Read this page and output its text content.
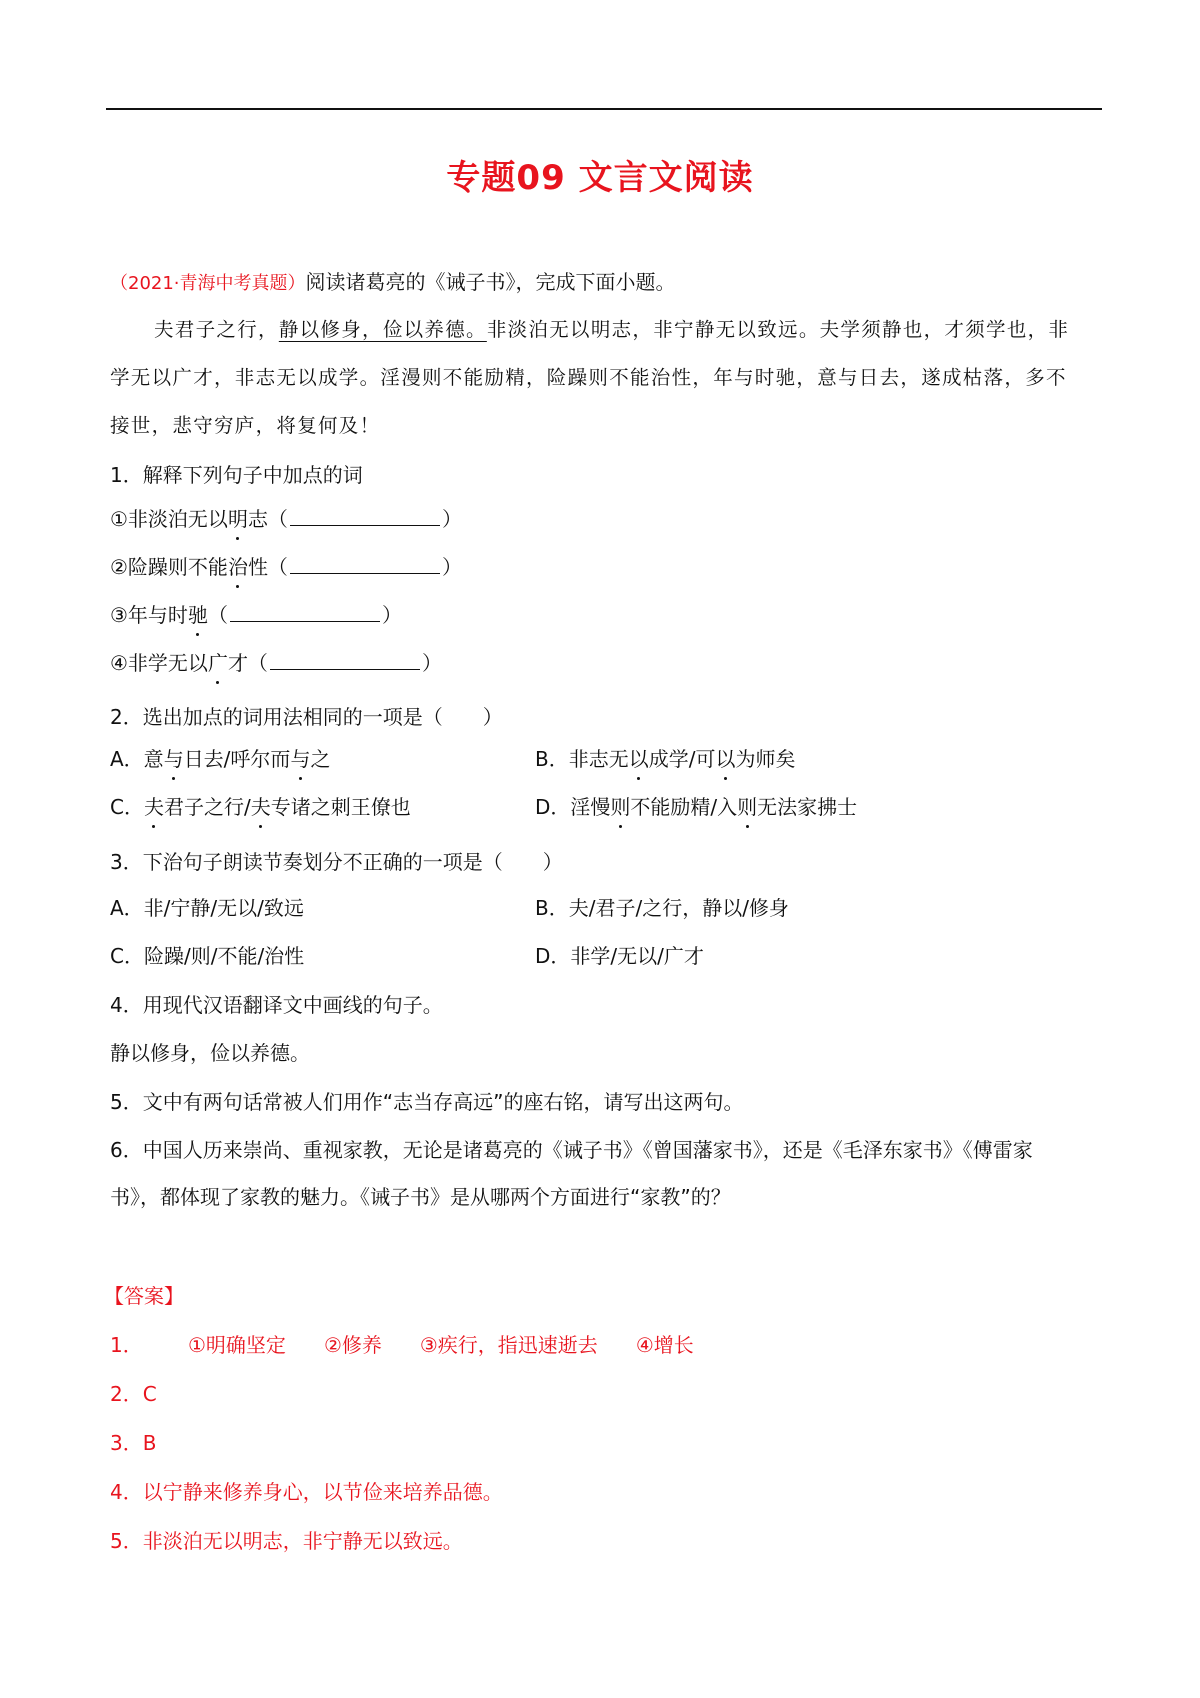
专题09 文言文阅读
（2021·青海中考真题）阅读诸葛亮的《诫子书》，完成下面小题。
夫君子之行，静以修身，俭以养德。非淡泊无以明志，非宁静无以致远。夫学须静也，才须学也，非
学无以广才，非志无以成学。淫漫则不能励精，险躁则不能治性，年与时驰，意与日去，遂成枯落，多不
接世，悲守穷庐，将复何及！
1．解释下列句子中加点的词
①非淡泊无以明志（	）
②险躁则不能治性（	）
③年与时驰（	）
④非学无以广才（	）
2．选出加点的词用法相同的一项是（　　）
A．意与日去/呼尔而与之	B．非志无以成学/可以为师矣
C．夫君子之行/夫专诸之刺王僚也	D．淫慢则不能励精/入则无法家拂士
3．下治句子朗读节奏划分不正确的一项是（　　）
A．非/宁静/无以/致远	B．夫/君子/之行，静以/修身
C．险躁/则/不能/治性	D．非学/无以/广才
4．用现代汉语翻译文中画线的句子。
静以修身，俭以养德。
5．文中有两句话常被人们用作“志当存高远”的座右铭，请写出这两句。
6．中国人历来崇尚、重视家教，无论是诸葛亮的《诫子书》《曾国藩家书》，还是《毛泽东家书》《傅雷家
书》，都体现了家教的魅力。《诫子书》是从哪两个方面进行“家教”的？
【答案】
1． ①明确坚定 ②修养 ③疾行，指迅速逝去 ④增长
2．C
3．B
4．以宁静来修养身心，以节俭来培养品德。
5．非淡泊无以明志，非宁静无以致远。
